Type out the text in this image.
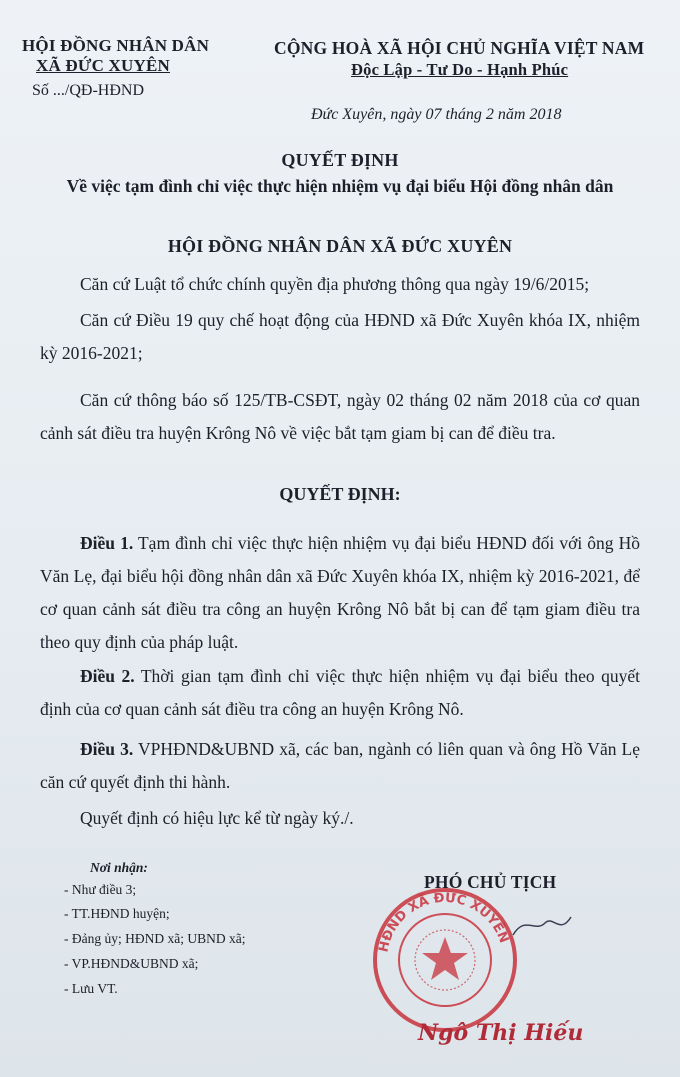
HỘI ĐỒNG NHÂN DÂN
XÃ ĐỨC XUYÊN
Số .../QĐ-HĐND
CỘNG HOÀ XÃ HỘI CHỦ NGHĨA VIỆT NAM
Độc Lập - Tư Do - Hạnh Phúc
Đức Xuyên, ngày 07 tháng 2 năm 2018
QUYẾT ĐỊNH
Về việc tạm đình chỉ việc thực hiện nhiệm vụ đại biểu Hội đồng nhân dân
HỘI ĐỒNG NHÂN DÂN XÃ ĐỨC XUYÊN
Căn cứ Luật tổ chức chính quyền địa phương thông qua ngày 19/6/2015;
Căn cứ Điều 19 quy chế hoạt động của HĐND xã Đức Xuyên khóa IX, nhiệm kỳ 2016-2021;
Căn cứ thông báo số 125/TB-CSĐT, ngày 02 tháng 02 năm 2018 của cơ quan cảnh sát điều tra huyện Krông Nô về việc bắt tạm giam bị can để điều tra.
QUYẾT ĐỊNH:
Điều 1. Tạm đình chỉ việc thực hiện nhiệm vụ đại biểu HĐND đối với ông Hồ Văn Lẹ, đại biểu hội đồng nhân dân xã Đức Xuyên khóa IX, nhiệm kỳ 2016-2021, để cơ quan cảnh sát điều tra công an huyện Krông Nô bắt bị can để tạm giam điều tra theo quy định của pháp luật.
Điều 2. Thời gian tạm đình chỉ việc thực hiện nhiệm vụ đại biểu theo quyết định của cơ quan cảnh sát điều tra công an huyện Krông Nô.
Điều 3. VPHĐND&UBND xã, các ban, ngành có liên quan và ông Hồ Văn Lẹ căn cứ quyết định thi hành.
Quyết định có hiệu lực kể từ ngày ký./.
Nơi nhận:
- Như điều 3;
- TT.HĐND huyện;
- Đảng ủy; HĐND xã; UBND xã;
- VP.HĐND&UBND xã;
- Lưu VT.
PHÓ CHỦ TỊCH
HĐND XÃ ĐỨC XUYÊN
Ngô Thị Hiếu
